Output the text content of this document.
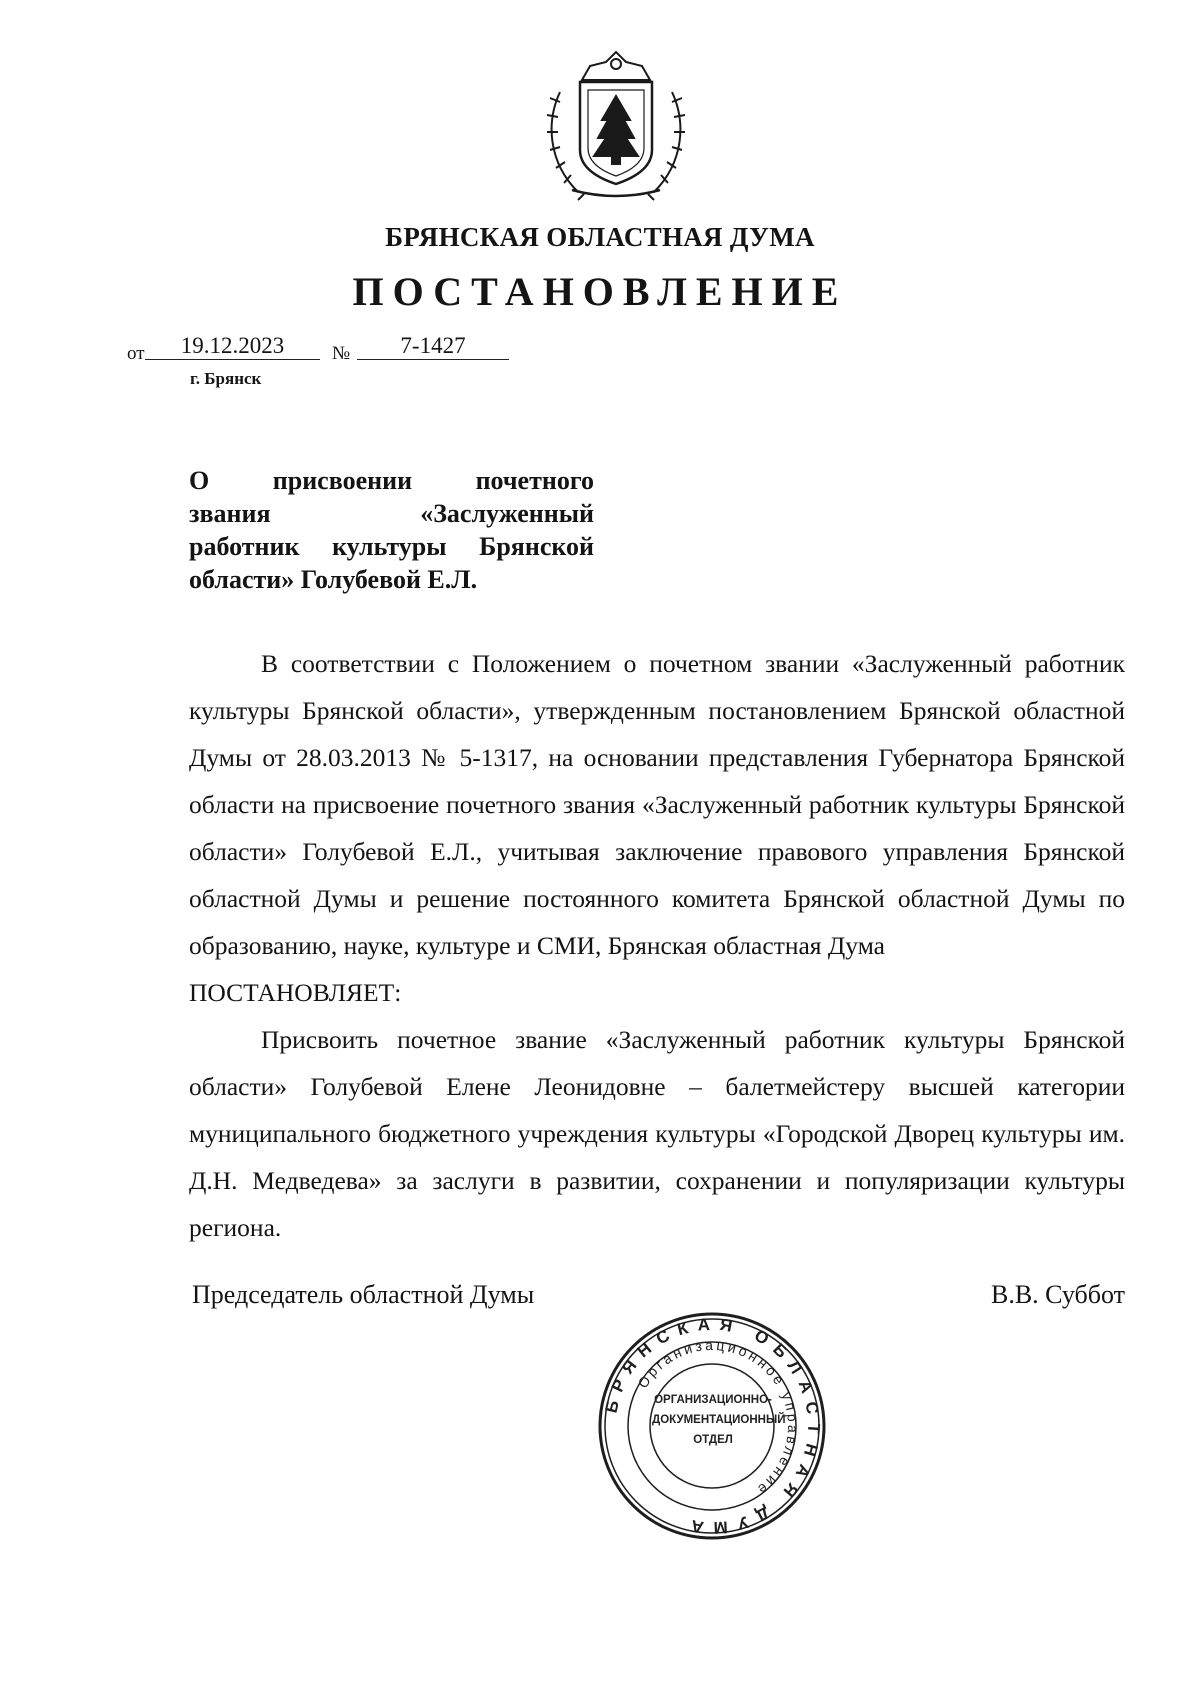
БРЯНСКАЯ ОБЛАСТНАЯ ДУМА
ПОСТАНОВЛЕНИЕ
от	19.12.2023	№	7-1427
г. Брянск
О присвоении почетного
звания «Заслуженный
работник культуры Брянской
области» Голубевой Е.Л.

В соответствии с Положением о почетном звании «Заслуженный работник культуры Брянской области», утвержденным постановлением Брянской областной Думы от 28.03.2013 № 5-1317, на основании представления Губернатора Брянской области на присвоение почетного звания «Заслуженный работник культуры Брянской области» Голубевой Е.Л., учитывая заключение правового управления Брянской областной Думы и решение постоянного комитета Брянской областной Думы по образованию, науке, культуре и СМИ, Брянская областная Дума

ПОСТАНОВЛЯЕТ:

Присвоить почетное звание «Заслуженный работник культуры Брянской области» Голубевой Елене Леонидовне – балетмейстеру высшей категории муниципального бюджетного учреждения культуры «Городской Дворец культуры им. Д.Н. Медведева» за заслуги в развитии, сохранении и популяризации культуры региона.

Председатель областной Думы	В.В. Суббот
БРЯНСКАЯ ОБЛАСТНАЯ ДУМА
Организационное управление
ОРГАНИЗАЦИОННО-
ДОКУМЕНТАЦИОННЫЙ
ОТДЕЛ
